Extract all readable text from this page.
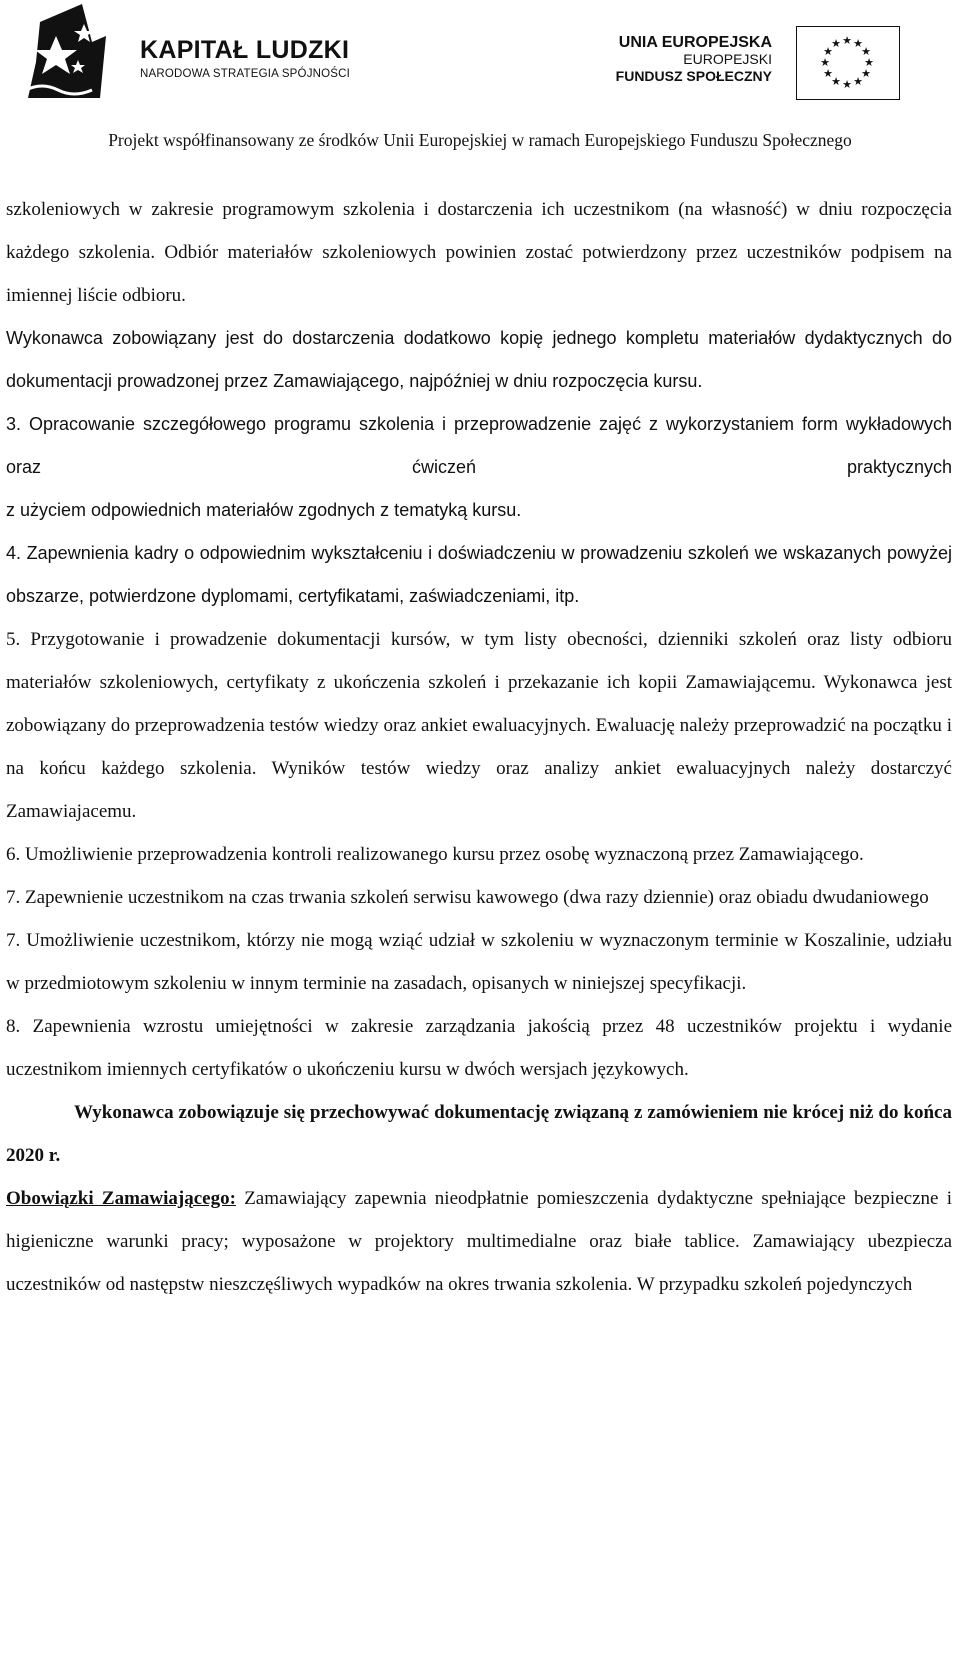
KAPITAŁ LUDZKI
NARODOWA STRATEGIA SPÓJNOŚCI
UNIA EUROPEJSKA
EUROPEJSKI
FUNDUSZ SPOŁECZNY
★ ★
★
★
★
★
★
★
★
★
★
★

Projekt współfinansowany ze środków Unii Europejskiej w ramach Europejskiego Funduszu Społecznego

szkoleniowych w zakresie programowym szkolenia i dostarczenia ich uczestnikom (na własność) w dniu rozpoczęcia każdego szkolenia. Odbiór materiałów szkoleniowych powinien zostać potwierdzony przez uczestników podpisem na imiennej liście odbioru.

Wykonawca zobowiązany jest do dostarczenia dodatkowo kopię jednego kompletu materiałów dydaktycznych do dokumentacji prowadzonej przez Zamawiającego, najpóźniej w dniu rozpoczęcia kursu.

3. Opracowanie szczegółowego programu szkolenia i przeprowadzenie zajęć z wykorzystaniem form wykładowych oraz ćwiczeń praktycznych

z użyciem odpowiednich materiałów zgodnych z tematyką kursu.

4. Zapewnienia kadry o odpowiednim wykształceniu i doświadczeniu w prowadzeniu szkoleń we wskazanych powyżej obszarze, potwierdzone dyplomami, certyfikatami, zaświadczeniami, itp.

5. Przygotowanie i prowadzenie dokumentacji kursów, w tym listy obecności, dzienniki szkoleń oraz listy odbioru materiałów szkoleniowych, certyfikaty z ukończenia szkoleń i przekazanie ich kopii Zamawiającemu. Wykonawca jest zobowiązany do przeprowadzenia testów wiedzy oraz ankiet ewaluacyjnych. Ewaluację należy przeprowadzić na początku i na końcu każdego szkolenia. Wyników testów wiedzy oraz analizy ankiet ewaluacyjnych należy dostarczyć Zamawiajacemu.

6. Umożliwienie przeprowadzenia kontroli realizowanego kursu przez osobę wyznaczoną przez Zamawiającego.

7. Zapewnienie uczestnikom na czas trwania szkoleń serwisu kawowego (dwa razy dziennie) oraz obiadu dwudaniowego

7. Umożliwienie uczestnikom, którzy nie mogą wziąć udział w szkoleniu w wyznaczonym terminie w Koszalinie, udziału w przedmiotowym szkoleniu w innym terminie na zasadach, opisanych w niniejszej specyfikacji.

8. Zapewnienia wzrostu umiejętności w zakresie zarządzania jakością przez 48 uczestników projektu i wydanie uczestnikom imiennych certyfikatów o ukończeniu kursu w dwóch wersjach językowych.

Wykonawca zobowiązuje się przechowywać dokumentację związaną z zamówieniem nie krócej niż do końca 2020 r.

Obowiązki Zamawiającego: Zamawiający zapewnia nieodpłatnie pomieszczenia dydaktyczne spełniające bezpieczne i higieniczne warunki pracy; wyposażone w projektory multimedialne oraz białe tablice. Zamawiający ubezpiecza uczestników od następstw nieszczęśliwych wypadków na okres trwania szkolenia. W przypadku szkoleń pojedynczych
